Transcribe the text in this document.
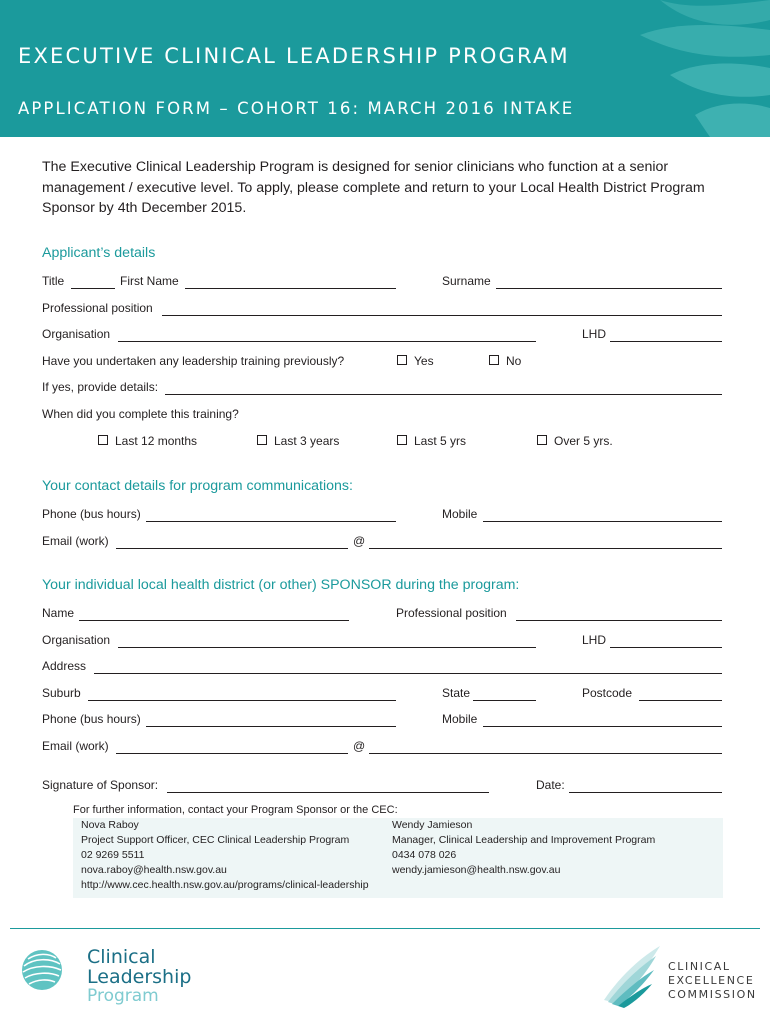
EXECUTIVE CLINICAL LEADERSHIP PROGRAM
APPLICATION FORM – COHORT 16: MARCH 2016 INTAKE
The Executive Clinical Leadership Program is designed for senior clinicians who function at a senior management / executive level. To apply, please complete and return to your Local Health District Program Sponsor by 4th December 2015.
Applicant’s details
Title	First Name	Surname
Professional position
Organisation	LHD
Have you undertaken any leadership training previously?	Yes	No
If yes, provide details:
When did you complete this training?
Last 12 months	Last 3 years	Last 5 yrs	Over 5 yrs.
Your contact details for program communications:
Phone (bus hours)	Mobile
Email (work)	@
Your individual local health district (or other) SPONSOR during the program:
Name	Professional position
Organisation	LHD
Address
Suburb	State	Postcode
Phone (bus hours)	Mobile
Email (work)	@
Signature of Sponsor:	Date:
For further information, contact your Program Sponsor or the CEC:
Nova Raboy
Project Support Officer, CEC Clinical Leadership Program
02 9269 5511
nova.raboy@health.nsw.gov.au
http://www.cec.health.nsw.gov.au/programs/clinical-leadership
Wendy Jamieson
Manager, Clinical Leadership and Improvement Program
0434 078 026
wendy.jamieson@health.nsw.gov.au
Clinical
Leadership
Program
CLINICAL
EXCELLENCE
COMMISSION
